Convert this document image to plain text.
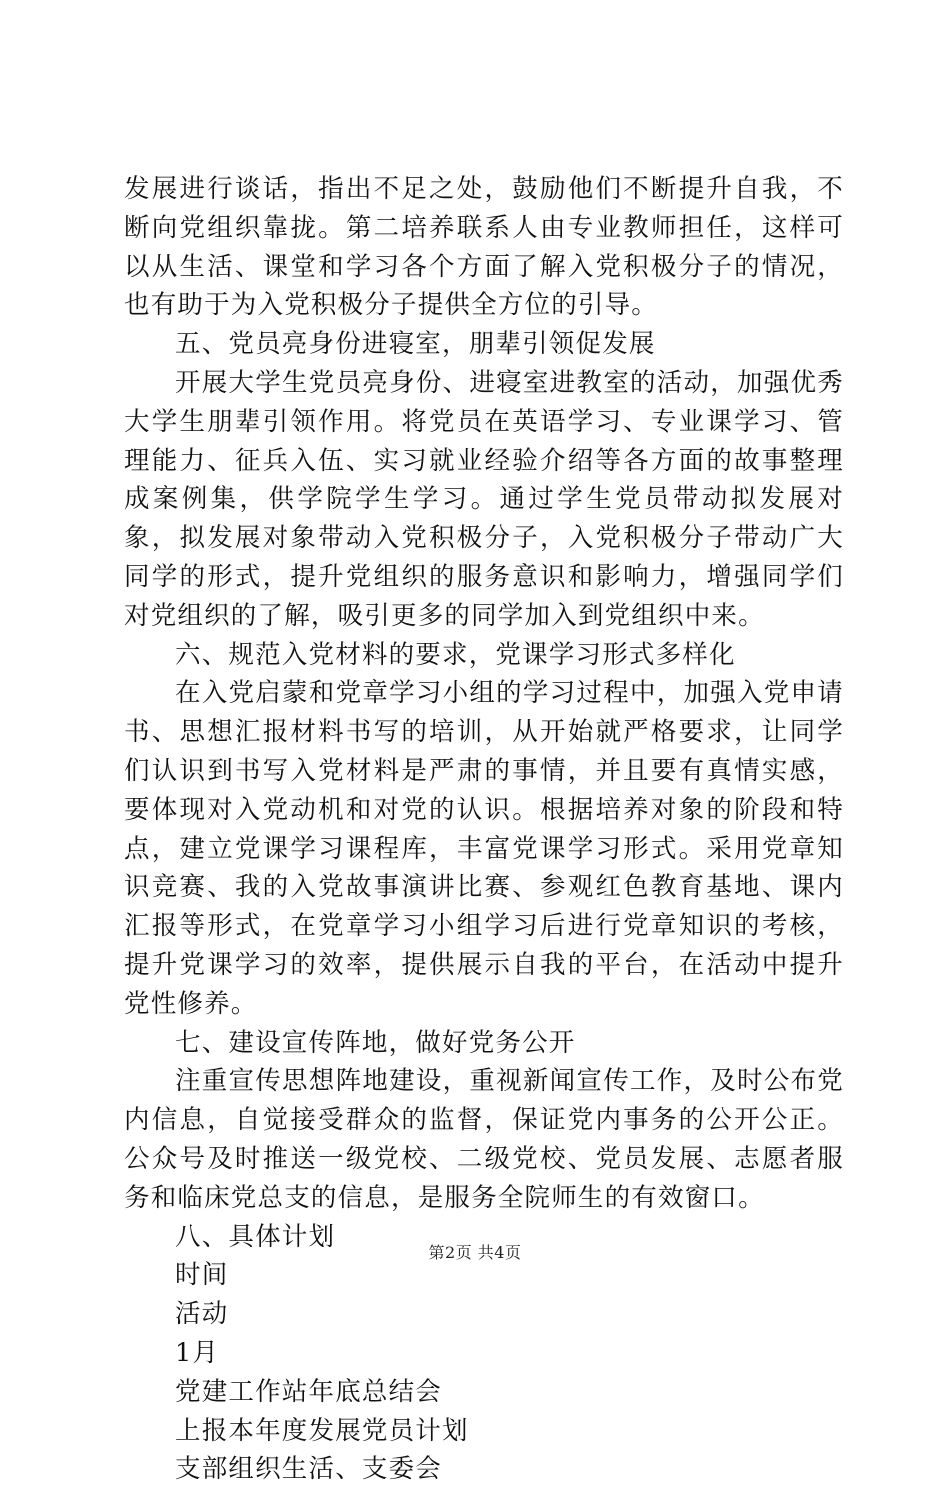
发展进行谈话，指出不足之处，鼓励他们不断提升自我，不断向党组织靠拢。第二培养联系人由专业教师担任，这样可以从生活、课堂和学习各个方面了解入党积极分子的情况，也有助于为入党积极分子提供全方位的引导。

五、党员亮身份进寝室，朋辈引领促发展

开展大学生党员亮身份、进寝室进教室的活动，加强优秀大学生朋辈引领作用。将党员在英语学习、专业课学习、管理能力、征兵入伍、实习就业经验介绍等各方面的故事整理成案例集，供学院学生学习。通过学生党员带动拟发展对象，拟发展对象带动入党积极分子，入党积极分子带动广大同学的形式，提升党组织的服务意识和影响力，增强同学们对党组织的了解，吸引更多的同学加入到党组织中来。

六、规范入党材料的要求，党课学习形式多样化

在入党启蒙和党章学习小组的学习过程中，加强入党申请书、思想汇报材料书写的培训，从开始就严格要求，让同学们认识到书写入党材料是严肃的事情，并且要有真情实感，要体现对入党动机和对党的认识。根据培养对象的阶段和特点，建立党课学习课程库，丰富党课学习形式。采用党章知识竞赛、我的入党故事演讲比赛、参观红色教育基地、课内汇报等形式，在党章学习小组学习后进行党章知识的考核，提升党课学习的效率，提供展示自我的平台，在活动中提升党性修养。

七、建设宣传阵地，做好党务公开

注重宣传思想阵地建设，重视新闻宣传工作，及时公布党内信息，自觉接受群众的监督，保证党内事务的公开公正。公众号及时推送一级党校、二级党校、党员发展、志愿者服务和临床党总支的信息，是服务全院师生的有效窗口。

八、具体计划

时间

活动

1月

党建工作站年底总结会

上报本年度发展党员计划

支部组织生活、支委会

第2页 共4页
